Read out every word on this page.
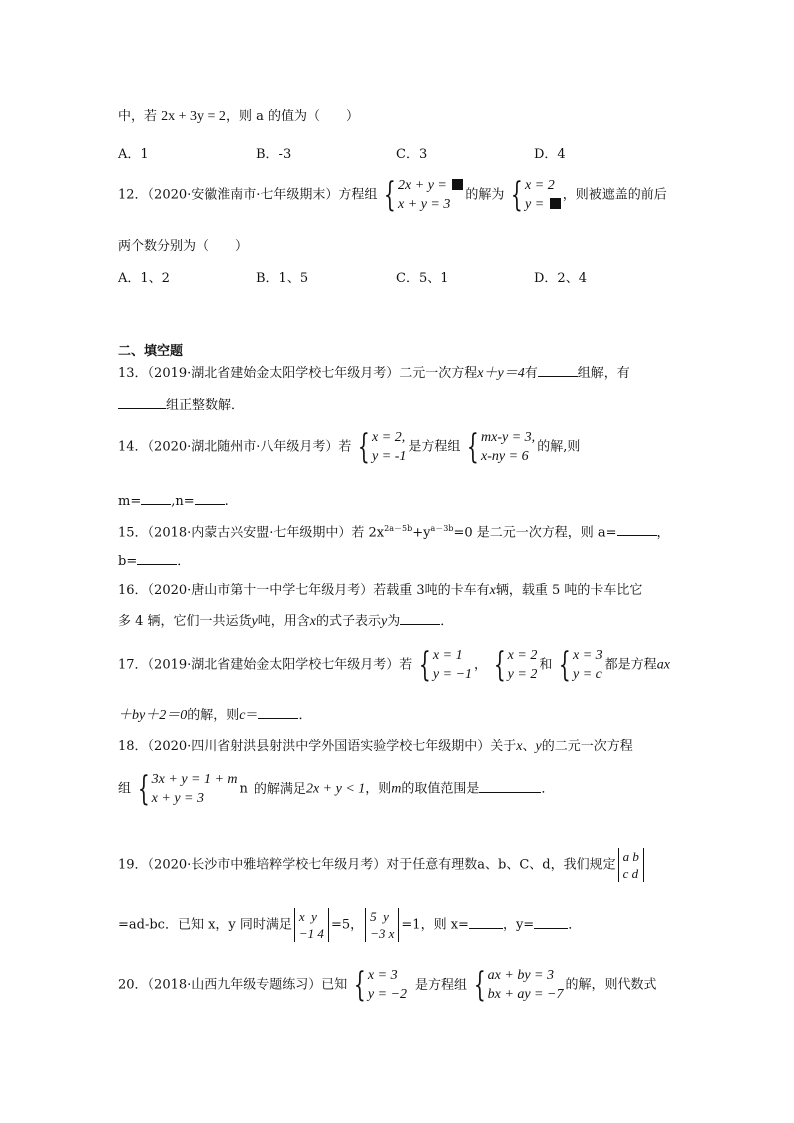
中，若 2x + 3y = 2，则 a 的值为（　　）
A．1	B．-3	C．3	D．4
12．（2020·安徽淮南市·七年级期末）方程组 { 2x + y =
x + y = 3
的解为 { x = 2
y =
，则被遮盖的前后
两个数分别为（　　）
A．1、2	B．1、5	C．5、1	D．2、4
二、填空题
13．（2019·湖北省建始金太阳学校七年级月考）二元一次方程x＋y＝4有	组解，有
组正整数解．
14．（2020·湖北随州市·八年级月考）若 { x = 2,
y = -1
是方程组 { mx-y = 3,
x-ny = 6
的解,则
m= ,n= .
15．（2018·内蒙古兴安盟·七年级期中）若 $2x^{2a-5b}+y^{a-3b}=0$ 是二元一次方程，则 a=	，
b=	．
16．（2020·唐山市第十一中学七年级月考）若载重 3吨的卡车有x辆，载重 5 吨的卡车比它
多 4 辆，它们一共运货y吨，用含x的式子表示y为	．
17．（2019·湖北省建始金太阳学校七年级月考）若 { x = 1
y = −1
， { x = 2
y = 2
和 { x = 3
y = c
都是方程ax
＋by＋2＝0的解，则c＝	．
18．（2020·四川省射洪县射洪中学外国语实验学校七年级期中）关于x、y的二元一次方程
组 { 3x + y = 1 + m
x + y = 3
n 的解满足2x + y < 1，则m的取值范围是	．
19．（2020·长沙市中雅培粹学校七年级月考）对于任意有理数a、b、C、d，我们规定
a b
c d
=ad-bc．已知 x，y 同时满足
x  y
−1 4
=5，
5  y
−3 x
=1，则 x=	，y=	．
20．（2018·山西九年级专题练习）已知 { x = 3
y = −2
是方程组 { ax + by = 3
bx + ay = −7
的解，则代数式
